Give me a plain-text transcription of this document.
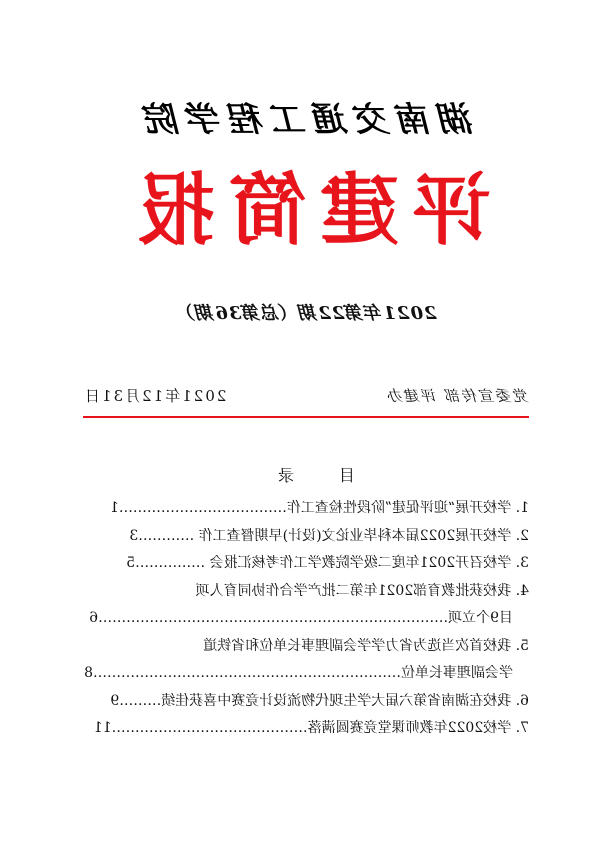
湖南交通工程学院
评建简报
2021年第22期（总第36期）
党委宣传部 评建办
2021年12月31日
目 录
1. 学校开展“迎评促建”阶段性检查工作………………………………1
2. 学校开展2022届本科毕业论文(设计)早期督查工作 …………3
3. 学校召开2021年度二级学院教学工作考核汇报会 ……………5
4. 我校获批教育部2021年第二批产学合作协同育人项
目9个立项…………………………………………………………………6
5. 我校首次当选为省力学学会副理事长单位和省铁道
学会副理事长单位…………………………………………………………8
6. 我校在湖南省第六届大学生现代物流设计竞赛中喜获佳绩………9
7. 学校2022年教师课堂竞赛圆满落……………………………………11
